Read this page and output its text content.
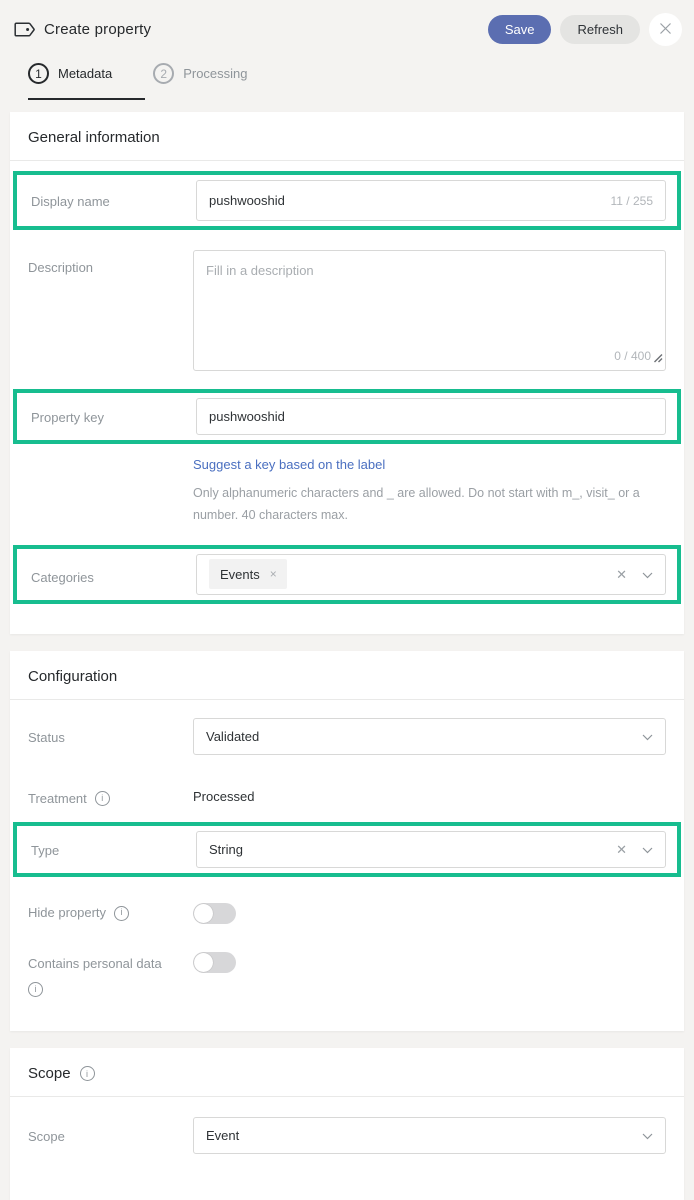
Create property	Save	Refresh
1	Metadata	2	Processing
General information
Display name	pushwooshid	11 / 255
Description	Fill in a description
0 / 400
Property key	pushwooshid
Suggest a key based on the label
Only alphanumeric characters and _ are allowed. Do not start with m_, visit_ or a number. 40 characters max.
Categories	Events ×	✕
Configuration
Status	Validated
Treatment	i	Processed
Type	String	✕
Hide property	i
Contains personal data
i
Scope	i
Scope	Event
